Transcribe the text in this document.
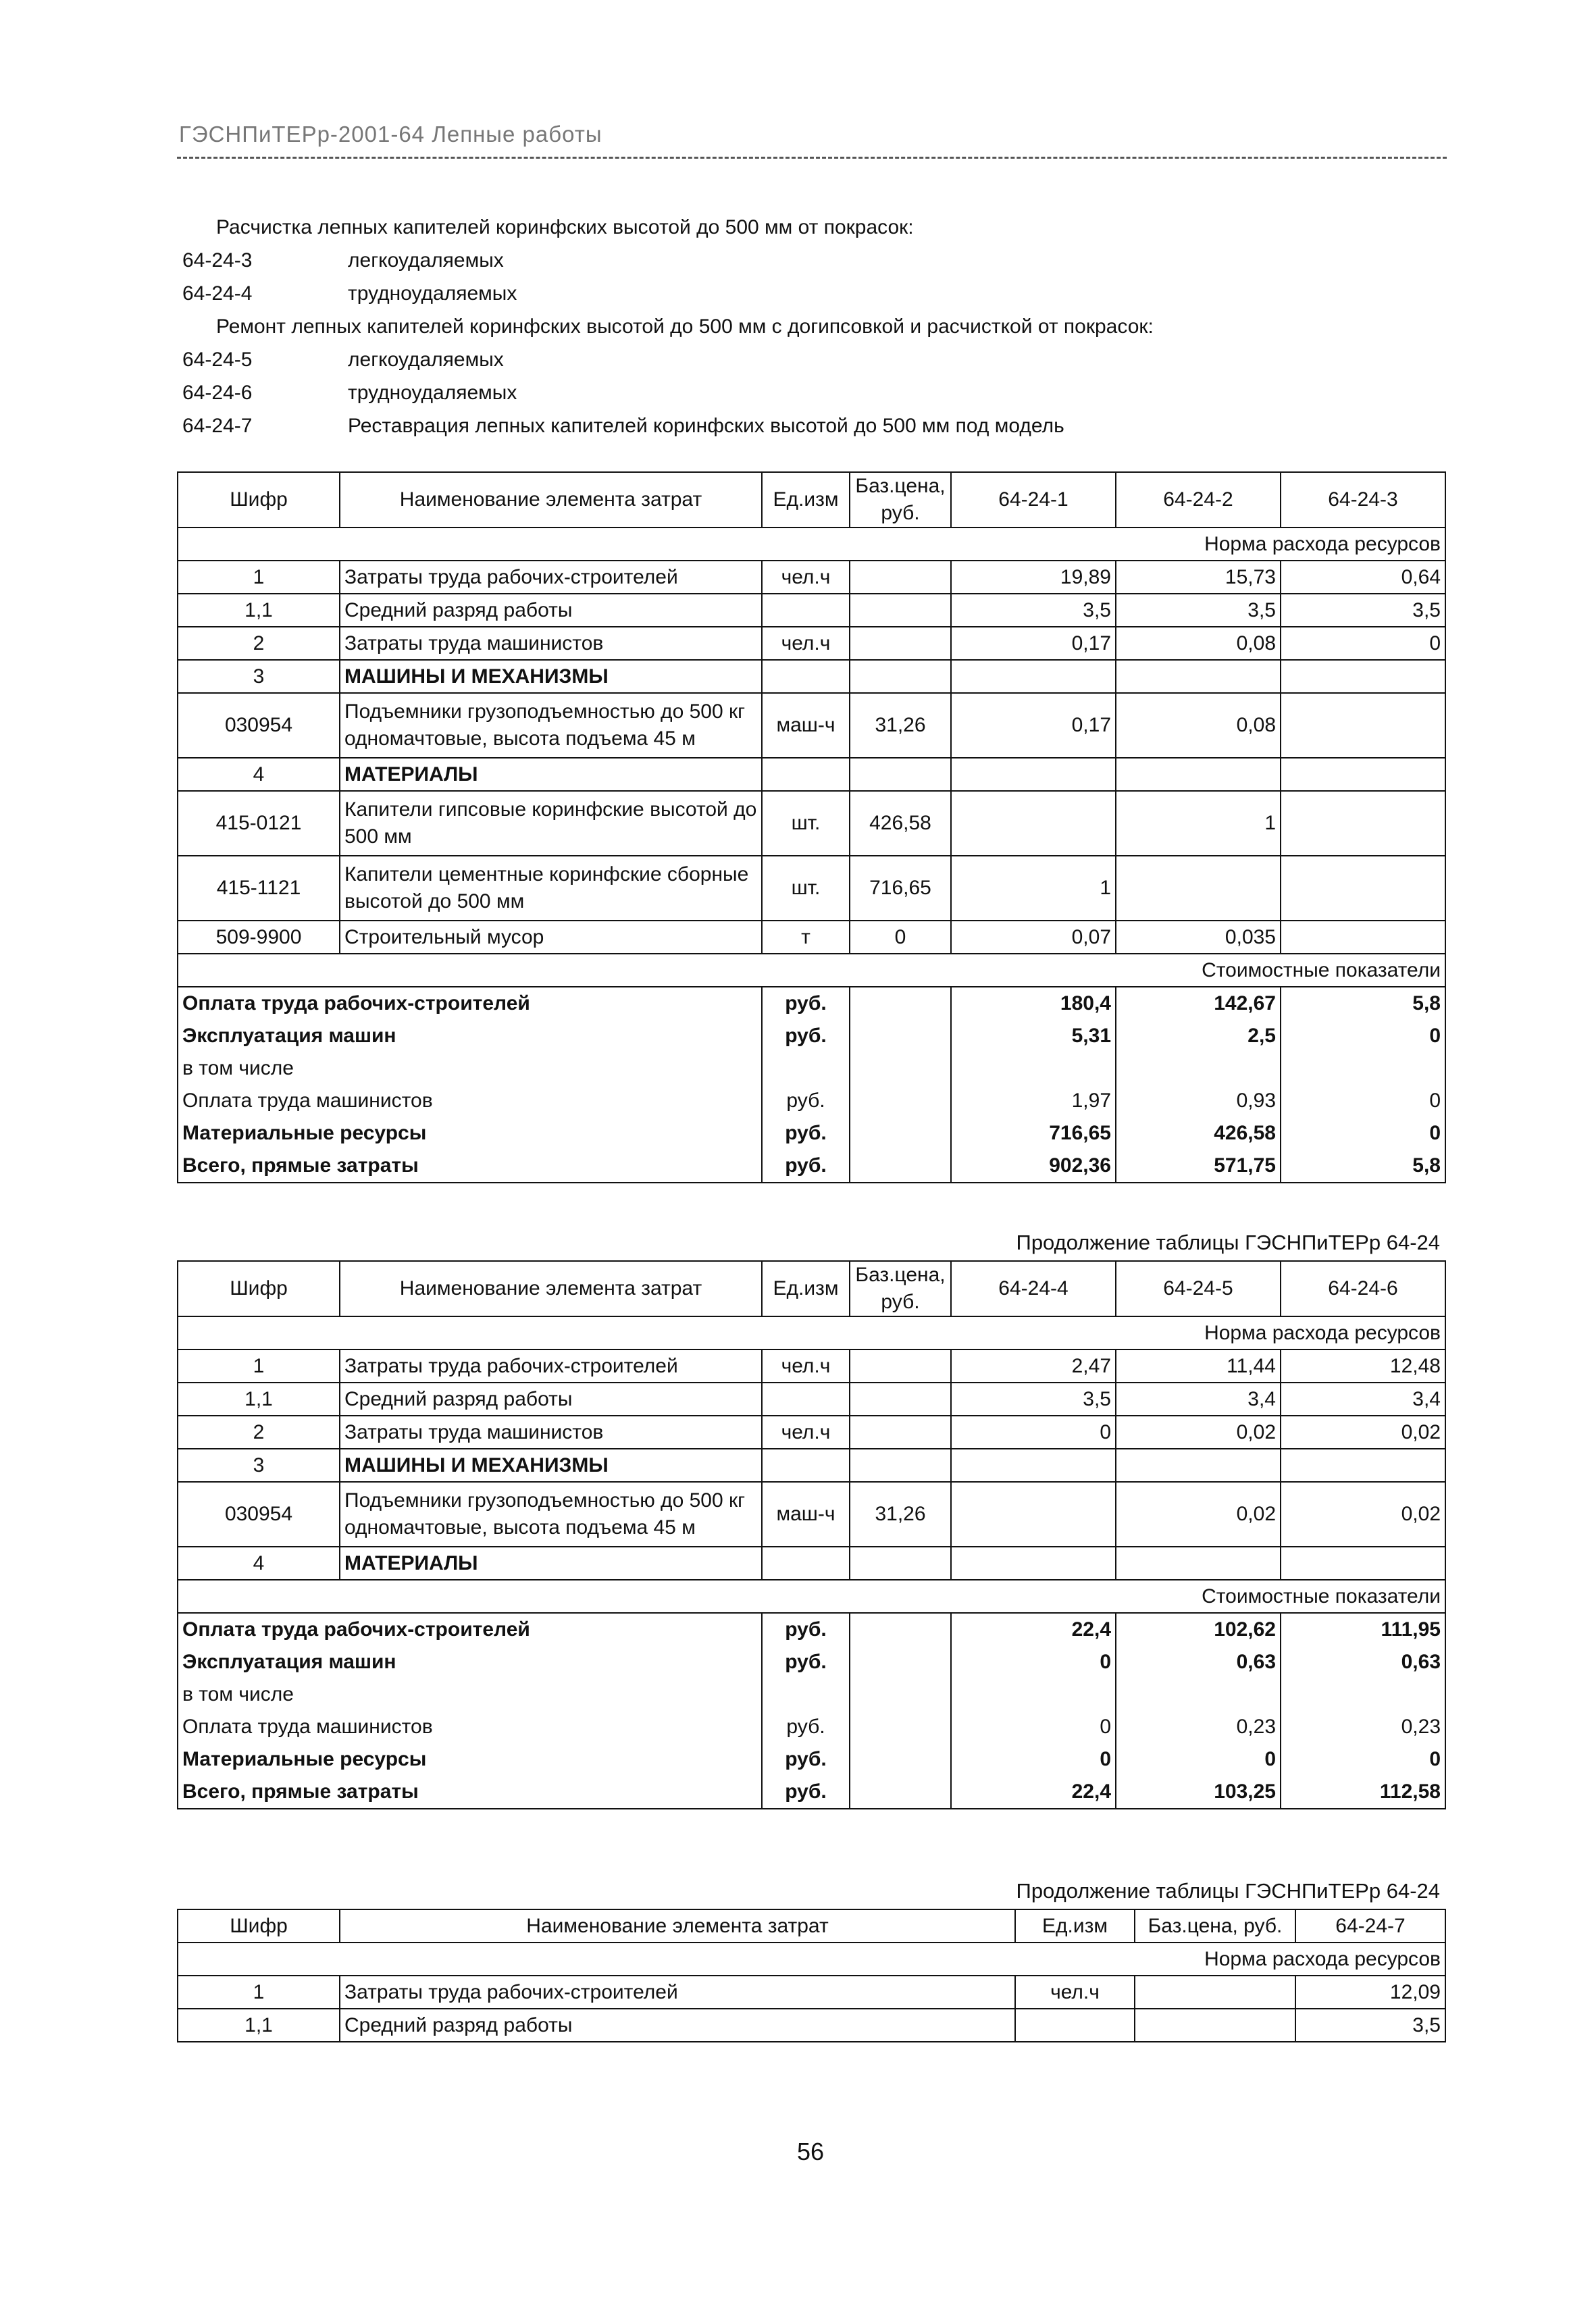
ГЭСНПиТЕРр-2001-64 Лепные работы
Расчистка лепных капителей коринфских высотой до 500 мм от покрасок:
64-24-3	легкоудаляемых
64-24-4	трудноудаляемых
Ремонт лепных капителей коринфских высотой до 500 мм с догипсовкой и расчисткой от покрасок:
64-24-5	легкоудаляемых
64-24-6	трудноудаляемых
64-24-7	Реставрация лепных капителей коринфских высотой до 500 мм под модель
Шифр	Наименование элемента затрат	Ед.изм	Баз.цена, руб.	64-24-1	64-24-2	64-24-3
Норма расхода ресурсов						
1	Затраты труда рабочих-строителей	чел.ч		19,89	15,73	0,64
1,1	Средний разряд работы			3,5	3,5	3,5
2	Затраты труда машинистов	чел.ч		0,17	0,08	0
3	МАШИНЫ И МЕХАНИЗМЫ					
030954	Подъемники грузоподъемностью до 500 кг одномачтовые, высота подъема 45 м	маш-ч	31,26	0,17	0,08	
4	МАТЕРИАЛЫ					
415-0121	Капители гипсовые коринфские высотой до 500 мм	шт.	426,58		1	
415-1121	Капители цементные коринфские сборные высотой до 500 мм	шт.	716,65	1		
509-9900	Строительный мусор	т	0	0,07	0,035	
Стоимостные показатели						
Оплата труда рабочих-строителей		руб.		180,4	142,67	5,8
Эксплуатация машин		руб.		5,31	2,5	0
в том числе						
Оплата труда машинистов		руб.		1,97	0,93	0
Материальные ресурсы		руб.		716,65	426,58	0
Всего, прямые затраты		руб.		902,36	571,75	5,8
Продолжение таблицы ГЭСНПиТЕРр 64-24
Шифр	Наименование элемента затрат	Ед.изм	Баз.цена, руб.	64-24-4	64-24-5	64-24-6
Норма расхода ресурсов						
1	Затраты труда рабочих-строителей	чел.ч		2,47	11,44	12,48
1,1	Средний разряд работы			3,5	3,4	3,4
2	Затраты труда машинистов	чел.ч		0	0,02	0,02
3	МАШИНЫ И МЕХАНИЗМЫ					
030954	Подъемники грузоподъемностью до 500 кг одномачтовые, высота подъема 45 м	маш-ч	31,26		0,02	0,02
4	МАТЕРИАЛЫ					
Стоимостные показатели						
Оплата труда рабочих-строителей		руб.		22,4	102,62	111,95
Эксплуатация машин		руб.		0	0,63	0,63
в том числе						
Оплата труда машинистов		руб.		0	0,23	0,23
Материальные ресурсы		руб.		0	0	0
Всего, прямые затраты		руб.		22,4	103,25	112,58
Продолжение таблицы ГЭСНПиТЕРр 64-24
Шифр	Наименование элемента затрат	Ед.изм	Баз.цена, руб.	64-24-7
Норма расхода ресурсов				
1	Затраты труда рабочих-строителей	чел.ч		12,09
1,1	Средний разряд работы			3,5
56
